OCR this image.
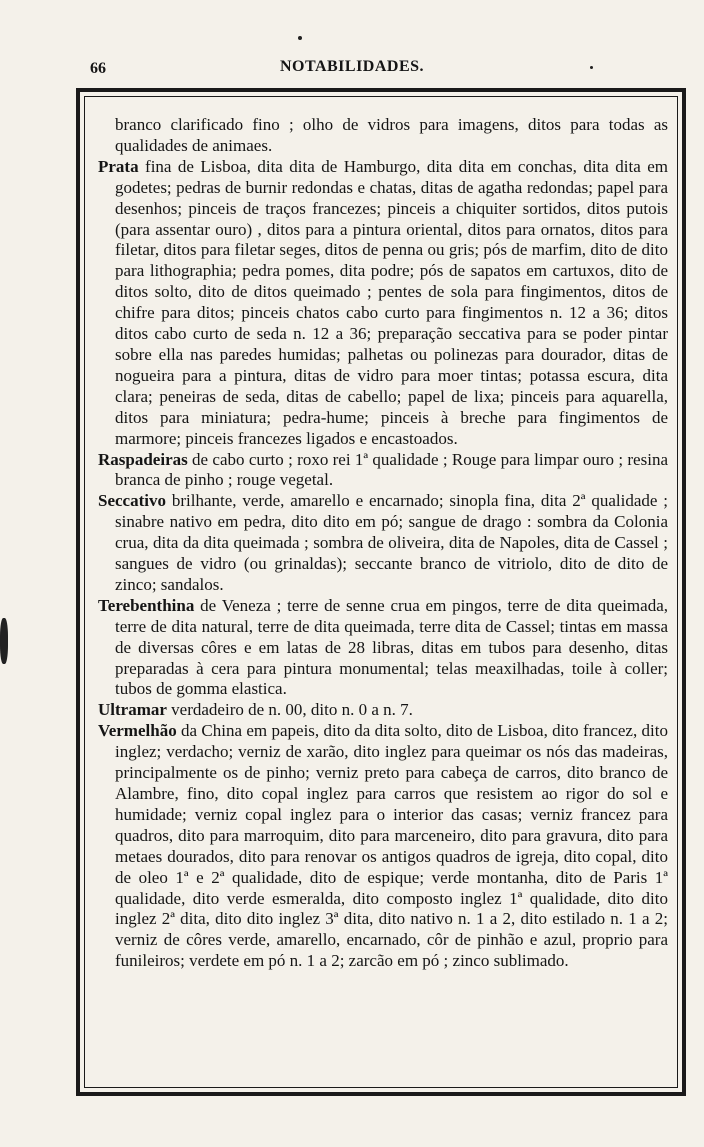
66	NOTABILIDADES.

branco clarificado fino ; olho de vidros para imagens, ditos para todas as qualidades de animaes.

Prata fina de Lisboa, dita dita de Hamburgo, dita dita em conchas, dita dita em godetes; pedras de burnir redondas e chatas, ditas de agatha redondas; papel para desenhos; pinceis de traços francezes; pinceis a chiquiter sortidos, ditos putois (para assentar ouro) , ditos para a pintura oriental, ditos para ornatos, ditos para filetar, ditos para filetar seges, ditos de penna ou gris; pós de marfim, dito de dito para lithographia; pedra pomes, dita podre; pós de sapatos em cartuxos, dito de ditos solto, dito de ditos queimado ; pentes de sola para fingimentos, ditos de chifre para ditos; pinceis chatos cabo curto para fingimentos n. 12 a 36; ditos ditos cabo curto de seda n. 12 a 36; preparação seccativa para se poder pintar sobre ella nas paredes humidas; palhetas ou polinezas para dourador, ditas de nogueira para a pintura, ditas de vidro para moer tintas; potassa escura, dita clara; peneiras de seda, ditas de cabello; papel de lixa; pinceis para aquarella, ditos para miniatura; pedra-hume; pinceis à breche para fingimentos de marmore; pinceis francezes ligados e encastoados.

Raspadeiras de cabo curto ; roxo rei 1ª qualidade ; Rouge para limpar ouro ; resina branca de pinho ; rouge vegetal.

Seccativo brilhante, verde, amarello e encarnado; sinopla fina, dita 2ª qualidade ; sinabre nativo em pedra, dito dito em pó; sangue de drago : sombra da Colonia crua, dita da dita queimada ; sombra de oliveira, dita de Napoles, dita de Cassel ; sangues de vidro (ou grinaldas); seccante branco de vitriolo, dito de dito de zinco; sandalos.

Terebenthina de Veneza ; terre de senne crua em pingos, terre de dita queimada, terre de dita natural, terre de dita queimada, terre dita de Cassel; tintas em massa de diversas côres e em latas de 28 libras, ditas em tubos para desenho, ditas preparadas à cera para pintura monumental; telas meaxilhadas, toile à coller; tubos de gomma elastica.

Ultramar verdadeiro de n. 00, dito n. 0 a n. 7.

Vermelhão da China em papeis, dito da dita solto, dito de Lisboa, dito francez, dito inglez; verdacho; verniz de xarão, dito inglez para queimar os nós das madeiras, principalmente os de pinho; verniz preto para cabeça de carros, dito branco de Alambre, fino, dito copal inglez para carros que resistem ao rigor do sol e humidade; verniz copal inglez para o interior das casas; verniz francez para quadros, dito para marroquim, dito para marceneiro, dito para gravura, dito para metaes dourados, dito para renovar os antigos quadros de igreja, dito copal, dito de oleo 1ª e 2ª qualidade, dito de espique; verde montanha, dito de Paris 1ª qualidade, dito verde esmeralda, dito composto inglez 1ª qualidade, dito dito inglez 2ª dita, dito dito inglez 3ª dita, dito nativo n. 1 a 2, dito estilado n. 1 a 2; verniz de côres verde, amarello, encarnado, côr de pinhão e azul, proprio para funileiros; verdete em pó n. 1 a 2; zarcão em pó ; zinco sublimado.
